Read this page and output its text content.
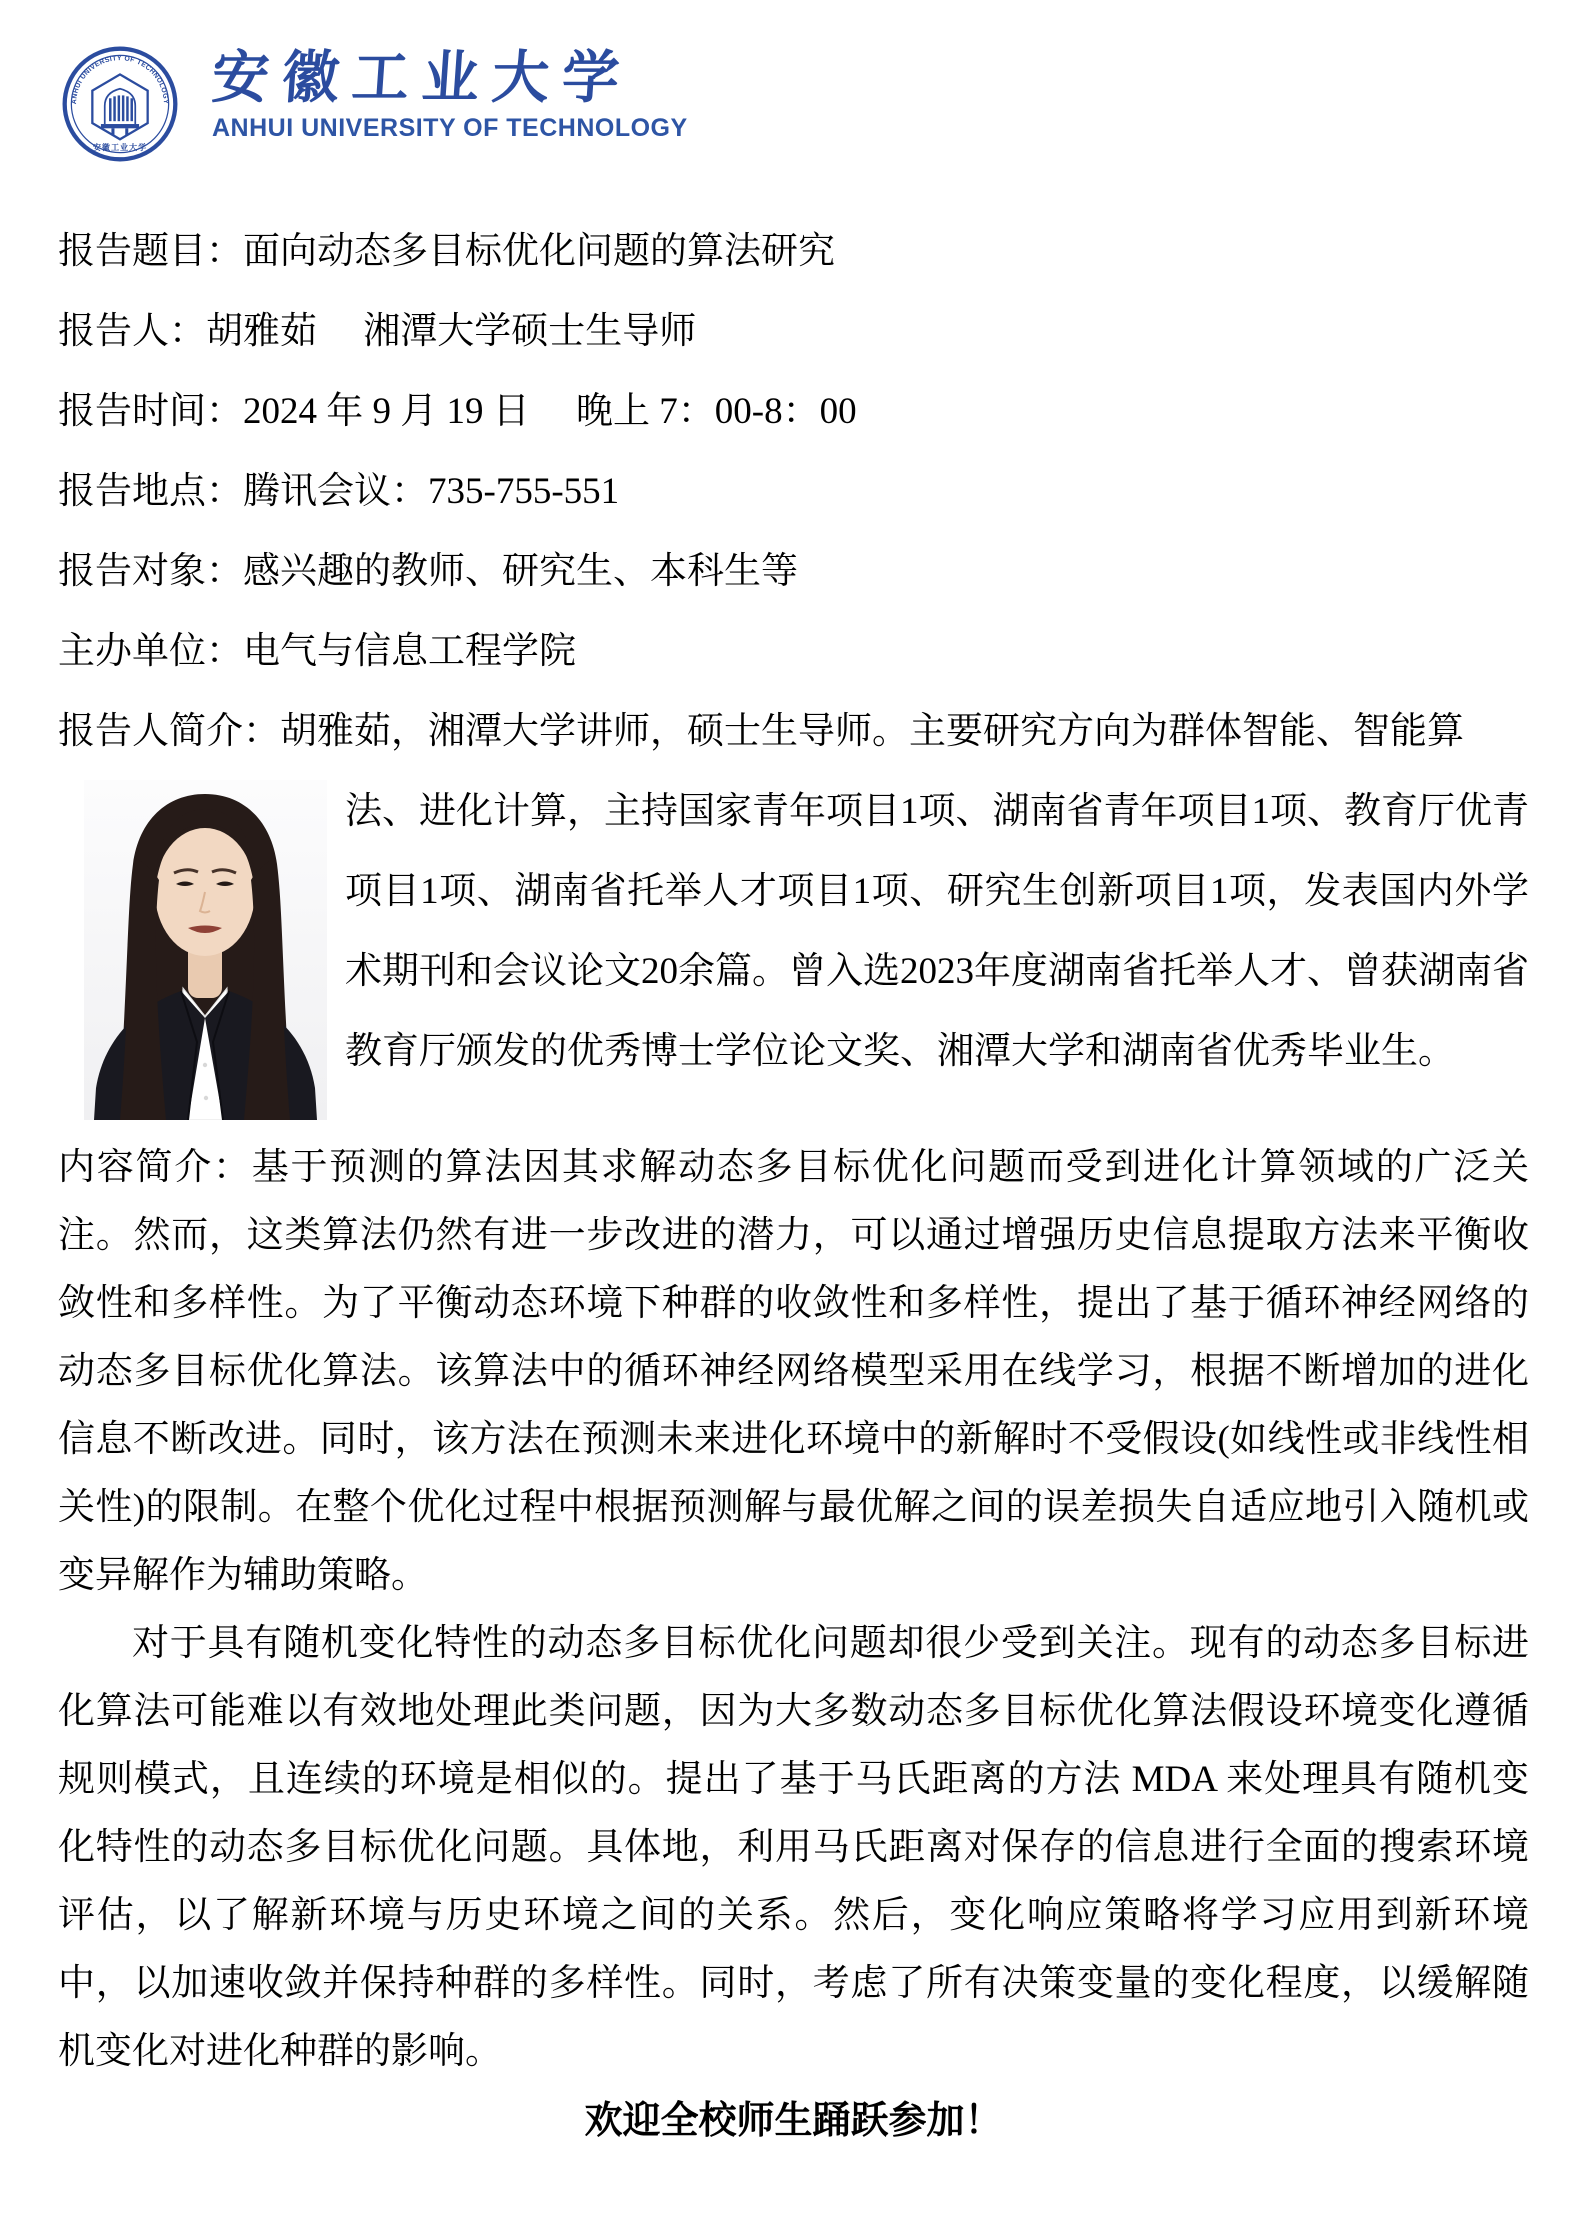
ANHUI UNIVERSITY OF TECHNOLOGY
安徽工业大学
安徽工业大学
ANHUI UNIVERSITY OF TECHNOLOGY
报告题目：面向动态多目标优化问题的算法研究
报告人：胡雅茹　 湘潭大学硕士生导师
报告时间：2024 年 9 月 19 日　 晚上 7：00-8：00
报告地点：腾讯会议：735-755-551
报告对象：感兴趣的教师、研究生、本科生等
主办单位：电气与信息工程学院
报告人简介：胡雅茹，湘潭大学讲师，硕士生导师。主要研究方向为群体智能、智能算
法、进化计算，主持国家青年项目1项、湖南省青年项目1项、教育厅优青项目1项、湖南省托举人才项目1项、研究生创新项目1项，发表国内外学术期刊和会议论文20余篇。曾入选2023年度湖南省托举人才、曾获湖南省教育厅颁发的优秀博士学位论文奖、湘潭大学和湖南省优秀毕业生。

内容简介：基于预测的算法因其求解动态多目标优化问题而受到进化计算领域的广泛关注。然而，这类算法仍然有进一步改进的潜力，可以通过增强历史信息提取方法来平衡收敛性和多样性。为了平衡动态环境下种群的收敛性和多样性，提出了基于循环神经网络的动态多目标优化算法。该算法中的循环神经网络模型采用在线学习，根据不断增加的进化信息不断改进。同时，该方法在预测未来进化环境中的新解时不受假设(如线性或非线性相关性)的限制。在整个优化过程中根据预测解与最优解之间的误差损失自适应地引入随机或变异解作为辅助策略。

对于具有随机变化特性的动态多目标优化问题却很少受到关注。现有的动态多目标进化算法可能难以有效地处理此类问题，因为大多数动态多目标优化算法假设环境变化遵循规则模式，且连续的环境是相似的。提出了基于马氏距离的方法 MDA 来处理具有随机变化特性的动态多目标优化问题。具体地，利用马氏距离对保存的信息进行全面的搜索环境评估，以了解新环境与历史环境之间的关系。然后，变化响应策略将学习应用到新环境中，以加速收敛并保持种群的多样性。同时，考虑了所有决策变量的变化程度，以缓解随机变化对进化种群的影响。

欢迎全校师生踊跃参加！
